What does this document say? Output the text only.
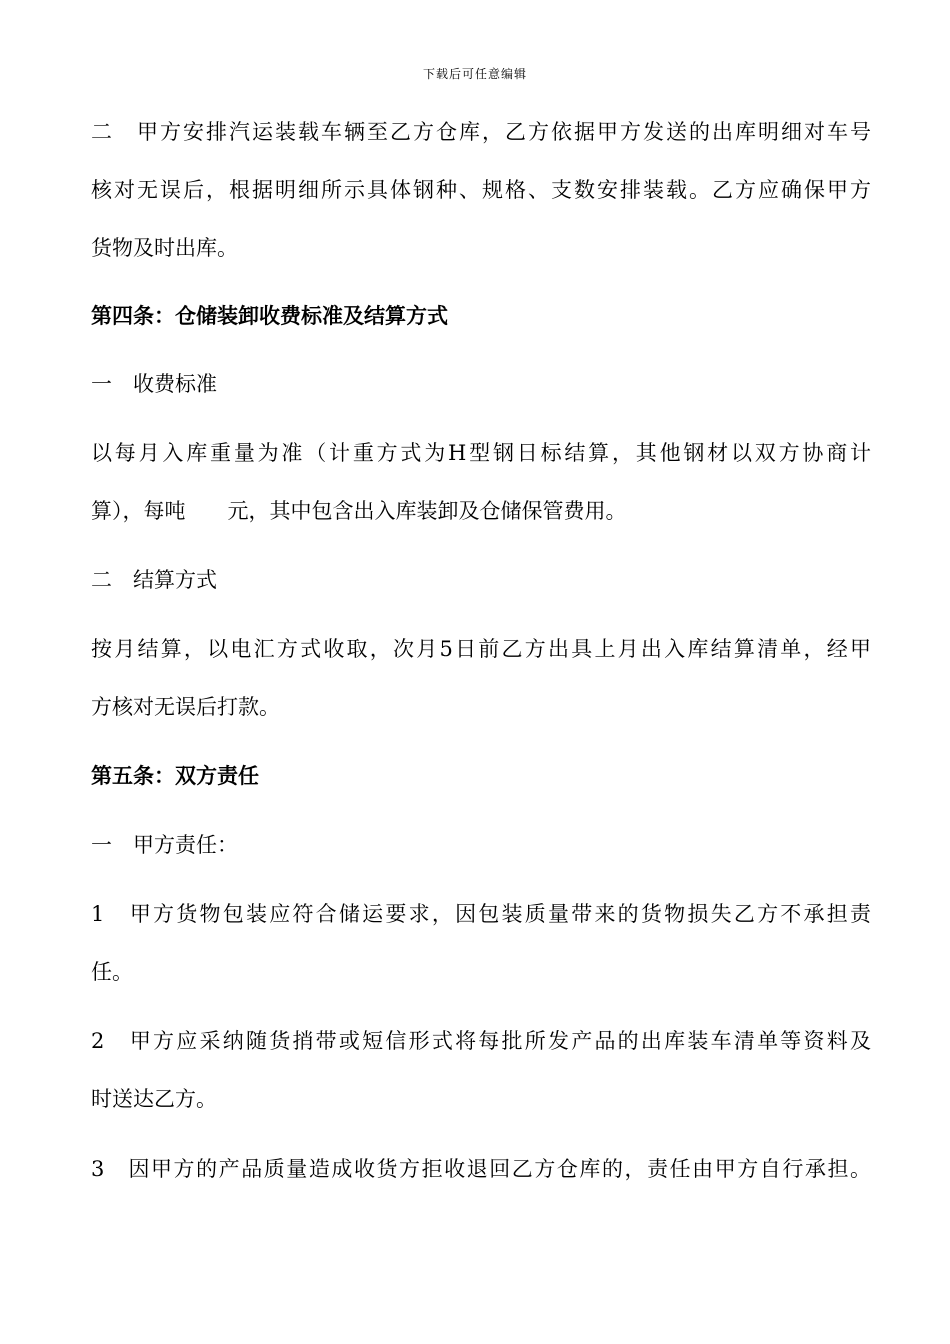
下载后可任意编辑
二　甲方安排汽运装载车辆至乙方仓库，乙方依据甲方发送的出库明细对车号
核对无误后，根据明细所示具体钢种、规格、支数安排装载。乙方应确保甲方
货物及时出库。
第四条：仓储装卸收费标准及结算方式
一　收费标准
以每月入库重量为准（计重方式为H型钢日标结算，其他钢材以双方协商计
算），每吨　　元，其中包含出入库装卸及仓储保管费用。
二　结算方式
按月结算，以电汇方式收取，次月5日前乙方出具上月出入库结算清单，经甲
方核对无误后打款。
第五条：双方责任
一　甲方责任：
1　甲方货物包装应符合储运要求，因包装质量带来的货物损失乙方不承担责
任。
2　甲方应采纳随货捎带或短信形式将每批所发产品的出库装车清单等资料及
时送达乙方。
3　因甲方的产品质量造成收货方拒收退回乙方仓库的，责任由甲方自行承担。
